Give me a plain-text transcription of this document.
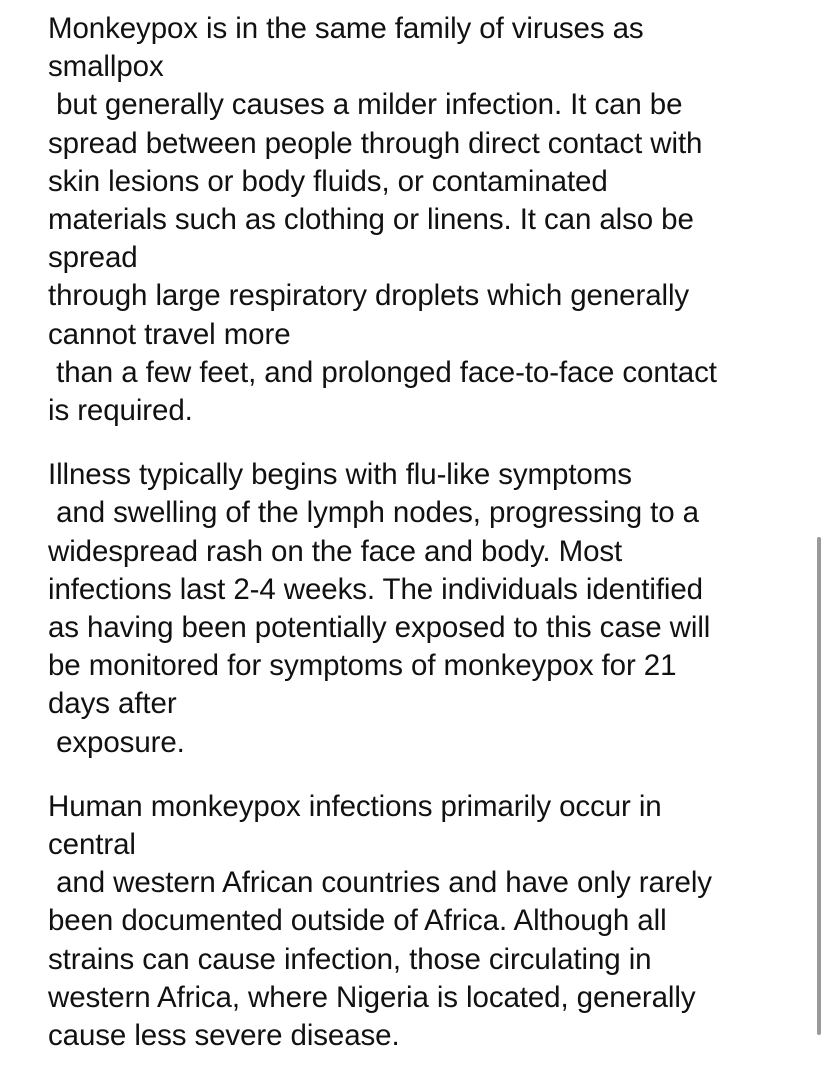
Monkeypox is in the same family of viruses as
smallpox
but generally causes a milder infection. It can be
spread between people through direct contact with
skin lesions or body fluids, or contaminated
materials such as clothing or linens. It can also be
spread
through large respiratory droplets which generally
cannot travel more
than a few feet, and prolonged face-to-face contact
is required.

Illness typically begins with flu-like symptoms
and swelling of the lymph nodes, progressing to a
widespread rash on the face and body. Most
infections last 2-4 weeks. The individuals identified
as having been potentially exposed to this case will
be monitored for symptoms of monkeypox for 21
days after
exposure.

Human monkeypox infections primarily occur in
central
and western African countries and have only rarely
been documented outside of Africa. Although all
strains can cause infection, those circulating in
western Africa, where Nigeria is located, generally
cause less severe disease.
